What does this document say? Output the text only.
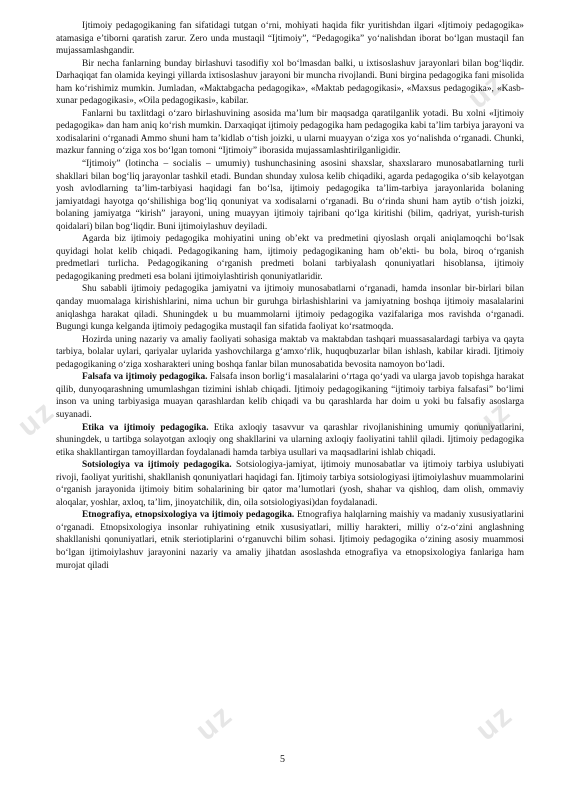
uz
uz	uz
uz	uz

Ijtimoiy pedagogikaning fan sifatidagi tutgan o‘rni, mohiyati haqida fikr yuritishdan ilgari «Ijtimoiy pedagogika» atamasiga e’tiborni qaratish zarur. Zero unda mustaqil “Ijtimoiy”, “Pedagogika” yo‘nalishdan iborat bo‘lgan mustaqil fan mujassamlashgandir.

Bir necha fanlarning bunday birlashuvi tasodifiy xol bo‘lmasdan balki, u ixtisoslashuv jarayonlari bilan bog‘liqdir. Darhaqiqat fan olamida keyingi yillarda ixtisoslashuv jarayoni bir muncha rivojlandi. Buni birgina pedagogika fani misolida ham ko‘rishimiz mumkin. Jumladan, «Maktabgacha pedagogika», «Maktab pedagogikasi», «Maxsus pedagogika», «Kasb-xunar pedagogikasi», «Oila pedagogikasi», kabilar.

Fanlarni bu taxlitdagi o‘zaro birlashuvining asosida ma’lum bir maqsadga qaratilganlik yotadi. Bu xolni «Ijtimoiy pedagogika» dan ham aniq ko‘rish mumkin. Darxaqiqat ijtimoiy pedagogika ham pedagogika kabi ta’lim tarbiya jarayoni va xodisalarini o‘rganadi Ammo shuni ham ta’kidlab o‘tish joizki, u ularni muayyan o‘ziga xos yo‘nalishda o‘rganadi. Chunki, mazkur fanning o‘ziga xos bo‘lgan tomoni “Ijtimoiy” iborasida mujassamlashtirilganligidir.

“Ijtimoiy” (lotincha – socialis – umumiy) tushunchasining asosini shaxslar, shaxslararo munosabatlarning turli shakllari bilan bog‘liq jarayonlar tashkil etadi. Bundan shunday xulosa kelib chiqadiki, agarda pedagogika o‘sib kelayotgan yosh avlodlarning ta’lim-tarbiyasi haqidagi fan bo‘lsa, ijtimoiy pedagogika ta’lim-tarbiya jarayonlarida bolaning jamiyatdagi hayotga qo‘shilishiga bog‘liq qonuniyat va xodisalarni o‘rganadi. Bu o‘rinda shuni ham aytib o‘tish joizki, bolaning jamiyatga “kirish” jarayoni, uning muayyan ijtimoiy tajribani qo‘lga kiritishi (bilim, qadriyat, yurish-turish qoidalari) bilan bog‘liqdir. Buni ijtimoiylashuv deyiladi.

Agarda biz ijtimoiy pedagogika mohiyatini uning ob’ekt va predmetini qiyoslash orqali aniqlamoqchi bo‘lsak quyidagi holat kelib chiqadi. Pedagogikaning ham, ijtimoiy pedagogikaning ham ob’ekti- bu bola, biroq o‘rganish predmetlari turlicha. Pedagogikaning o‘rganish predmeti bolani tarbiyalash qonuniyatlari hisoblansa, ijtimoiy pedagogikaning predmeti esa bolani ijtimoiylashtirish qonuniyatlaridir.

Shu sababli ijtimoiy pedagogika jamiyatni va ijtimoiy munosabatlarni o‘rganadi, hamda insonlar bir-birlari bilan qanday muomalaga kirishishlarini, nima uchun bir guruhga birlashishlarini va jamiyatning boshqa ijtimoiy masalalarini aniqlashga harakat qiladi. Shuningdek u bu muammolarni ijtimoiy pedagogika vazifalariga mos ravishda o‘rganadi. Bugungi kunga kelganda ijtimoiy pedagogika mustaqil fan sifatida faoliyat ko‘rsatmoqda.

Hozirda uning nazariy va amaliy faoliyati sohasiga maktab va maktabdan tashqari muassasalardagi tarbiya va qayta tarbiya, bolalar uylari, qariyalar uylarida yashovchilarga g‘amxo‘rlik, huquqbuzarlar bilan ishlash, kabilar kiradi. Ijtimoiy pedagogikaning o‘ziga xosharakteri uning boshqa fanlar bilan munosabatida bevosita namoyon bo‘ladi.

Falsafa va ijtimoiy pedagogika. Falsafa inson borlig‘i masalalarini o‘rtaga qo‘yadi va ularga javob topishga harakat qilib, dunyoqarashning umumlashgan tizimini ishlab chiqadi. Ijtimoiy pedagogikaning “ijtimoiy tarbiya falsafasi” bo‘limi inson va uning tarbiyasiga muayan qarashlardan kelib chiqadi va bu qarashlarda har doim u yoki bu falsafiy asoslarga suyanadi.

Etika va ijtimoiy pedagogika. Etika axloqiy tasavvur va qarashlar rivojlanishining umumiy qonuniyatlarini, shuningdek, u tartibga solayotgan axloqiy ong shakllarini va ularning axloqiy faoliyatini tahlil qiladi. Ijtimoiy pedagogika etika shakllantirgan tamoyillardan foydalanadi hamda tarbiya usullari va maqsadlarini ishlab chiqadi.

Sotsiologiya va ijtimoiy pedagogika. Sotsiologiya-jamiyat, ijtimoiy munosabatlar va ijtimoiy tarbiya uslubiyati rivoji, faoliyat yuritishi, shakllanish qonuniyatlari haqidagi fan. Ijtimoiy tarbiya sotsiologiyasi ijtimoiylashuv muammolarini o‘rganish jarayonida ijtimoiy bitim sohalarining bir qator ma’lumotlari (yosh, shahar va qishloq, dam olish, ommaviy aloqalar, yoshlar, axloq, ta’lim, jinoyatchilik, din, oila sotsiologiyasi)dan foydalanadi.

Etnografiya, etnopsixologiya va ijtimoiy pedagogika. Etnografiya halqlarning maishiy va madaniy xususiyatlarini o‘rganadi. Etnopsixologiya insonlar ruhiyatining etnik xususiyatlari, milliy harakteri, milliy o‘z-o‘zini anglashning shakllanishi qonuniyatlari, etnik steriotiplarini o‘rganuvchi bilim sohasi. Ijtimoiy pedagogika o‘zining asosiy muammosi bo‘lgan ijtimoiylashuv jarayonini nazariy va amaliy jihatdan asoslashda etnografiya va etnopsixologiya fanlariga ham murojat qiladi

5
